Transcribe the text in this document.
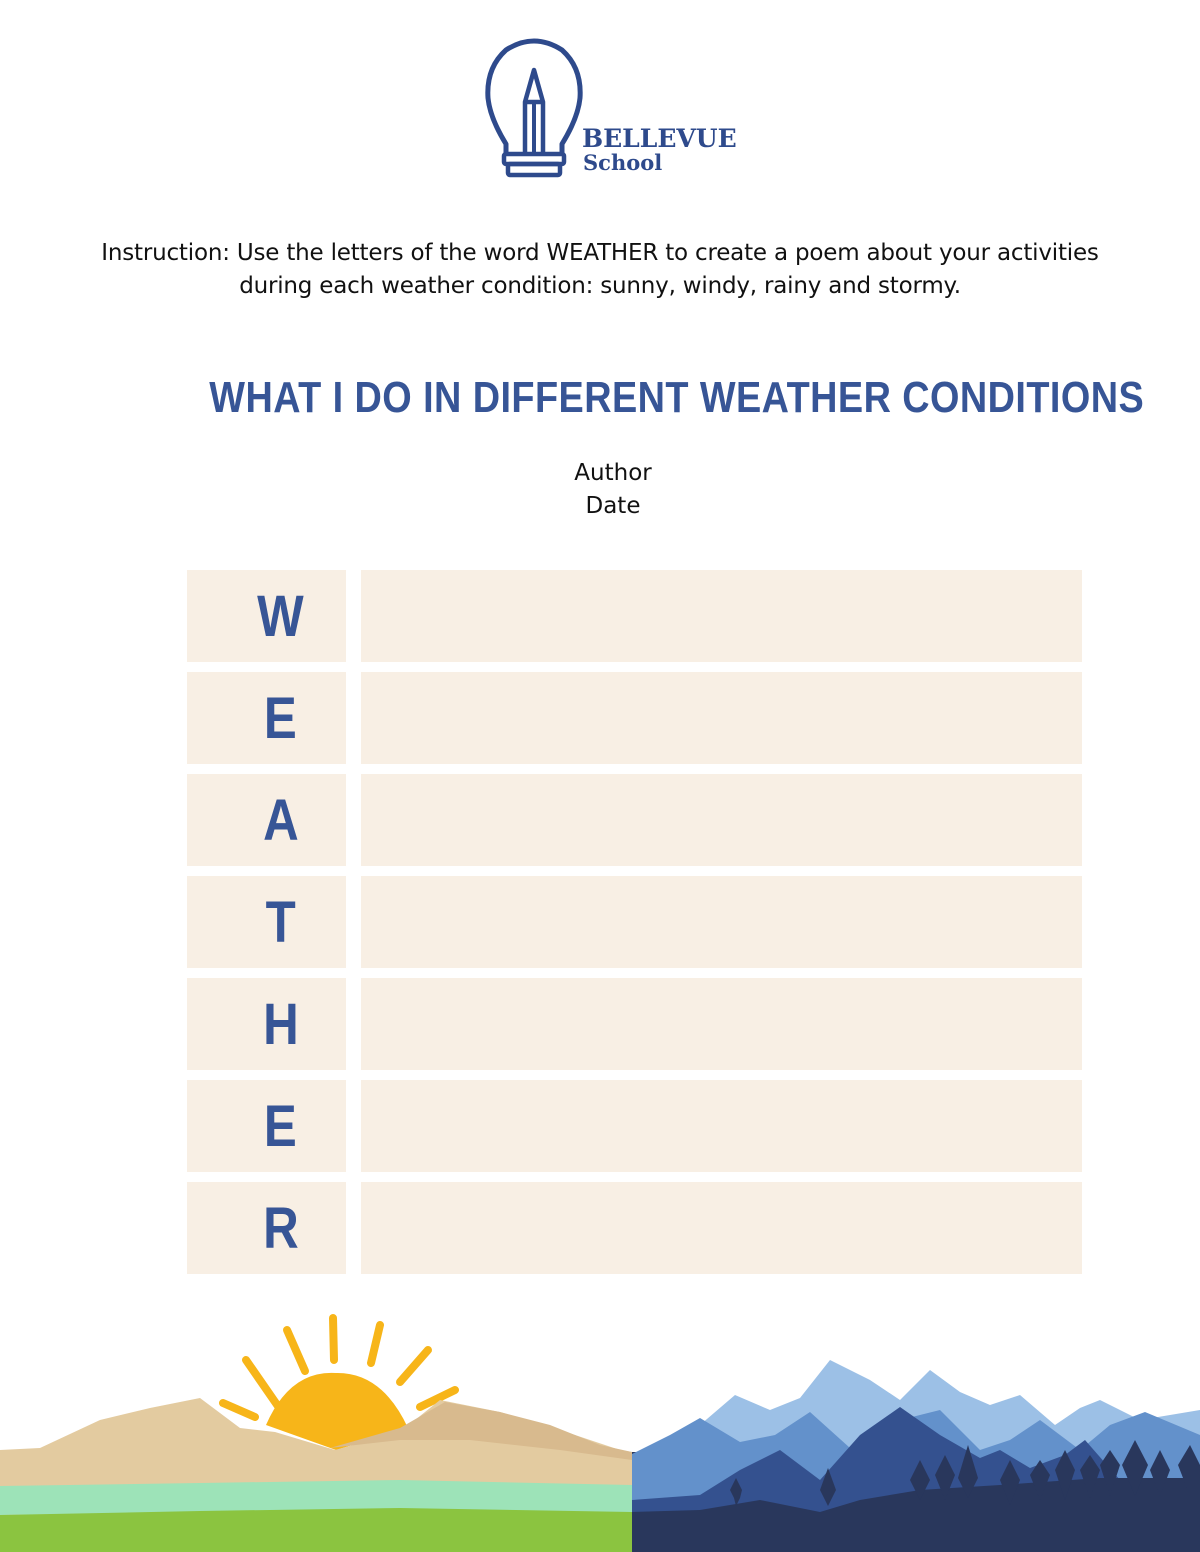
BELLEVUE
School
Instruction: Use the letters of the word WEATHER to create a poem about your activities
during each weather condition: sunny, windy, rainy and stormy.
WHAT I DO IN DIFFERENT WEATHER CONDITIONS
Author
Date
W
E
A
T
H
E
R
